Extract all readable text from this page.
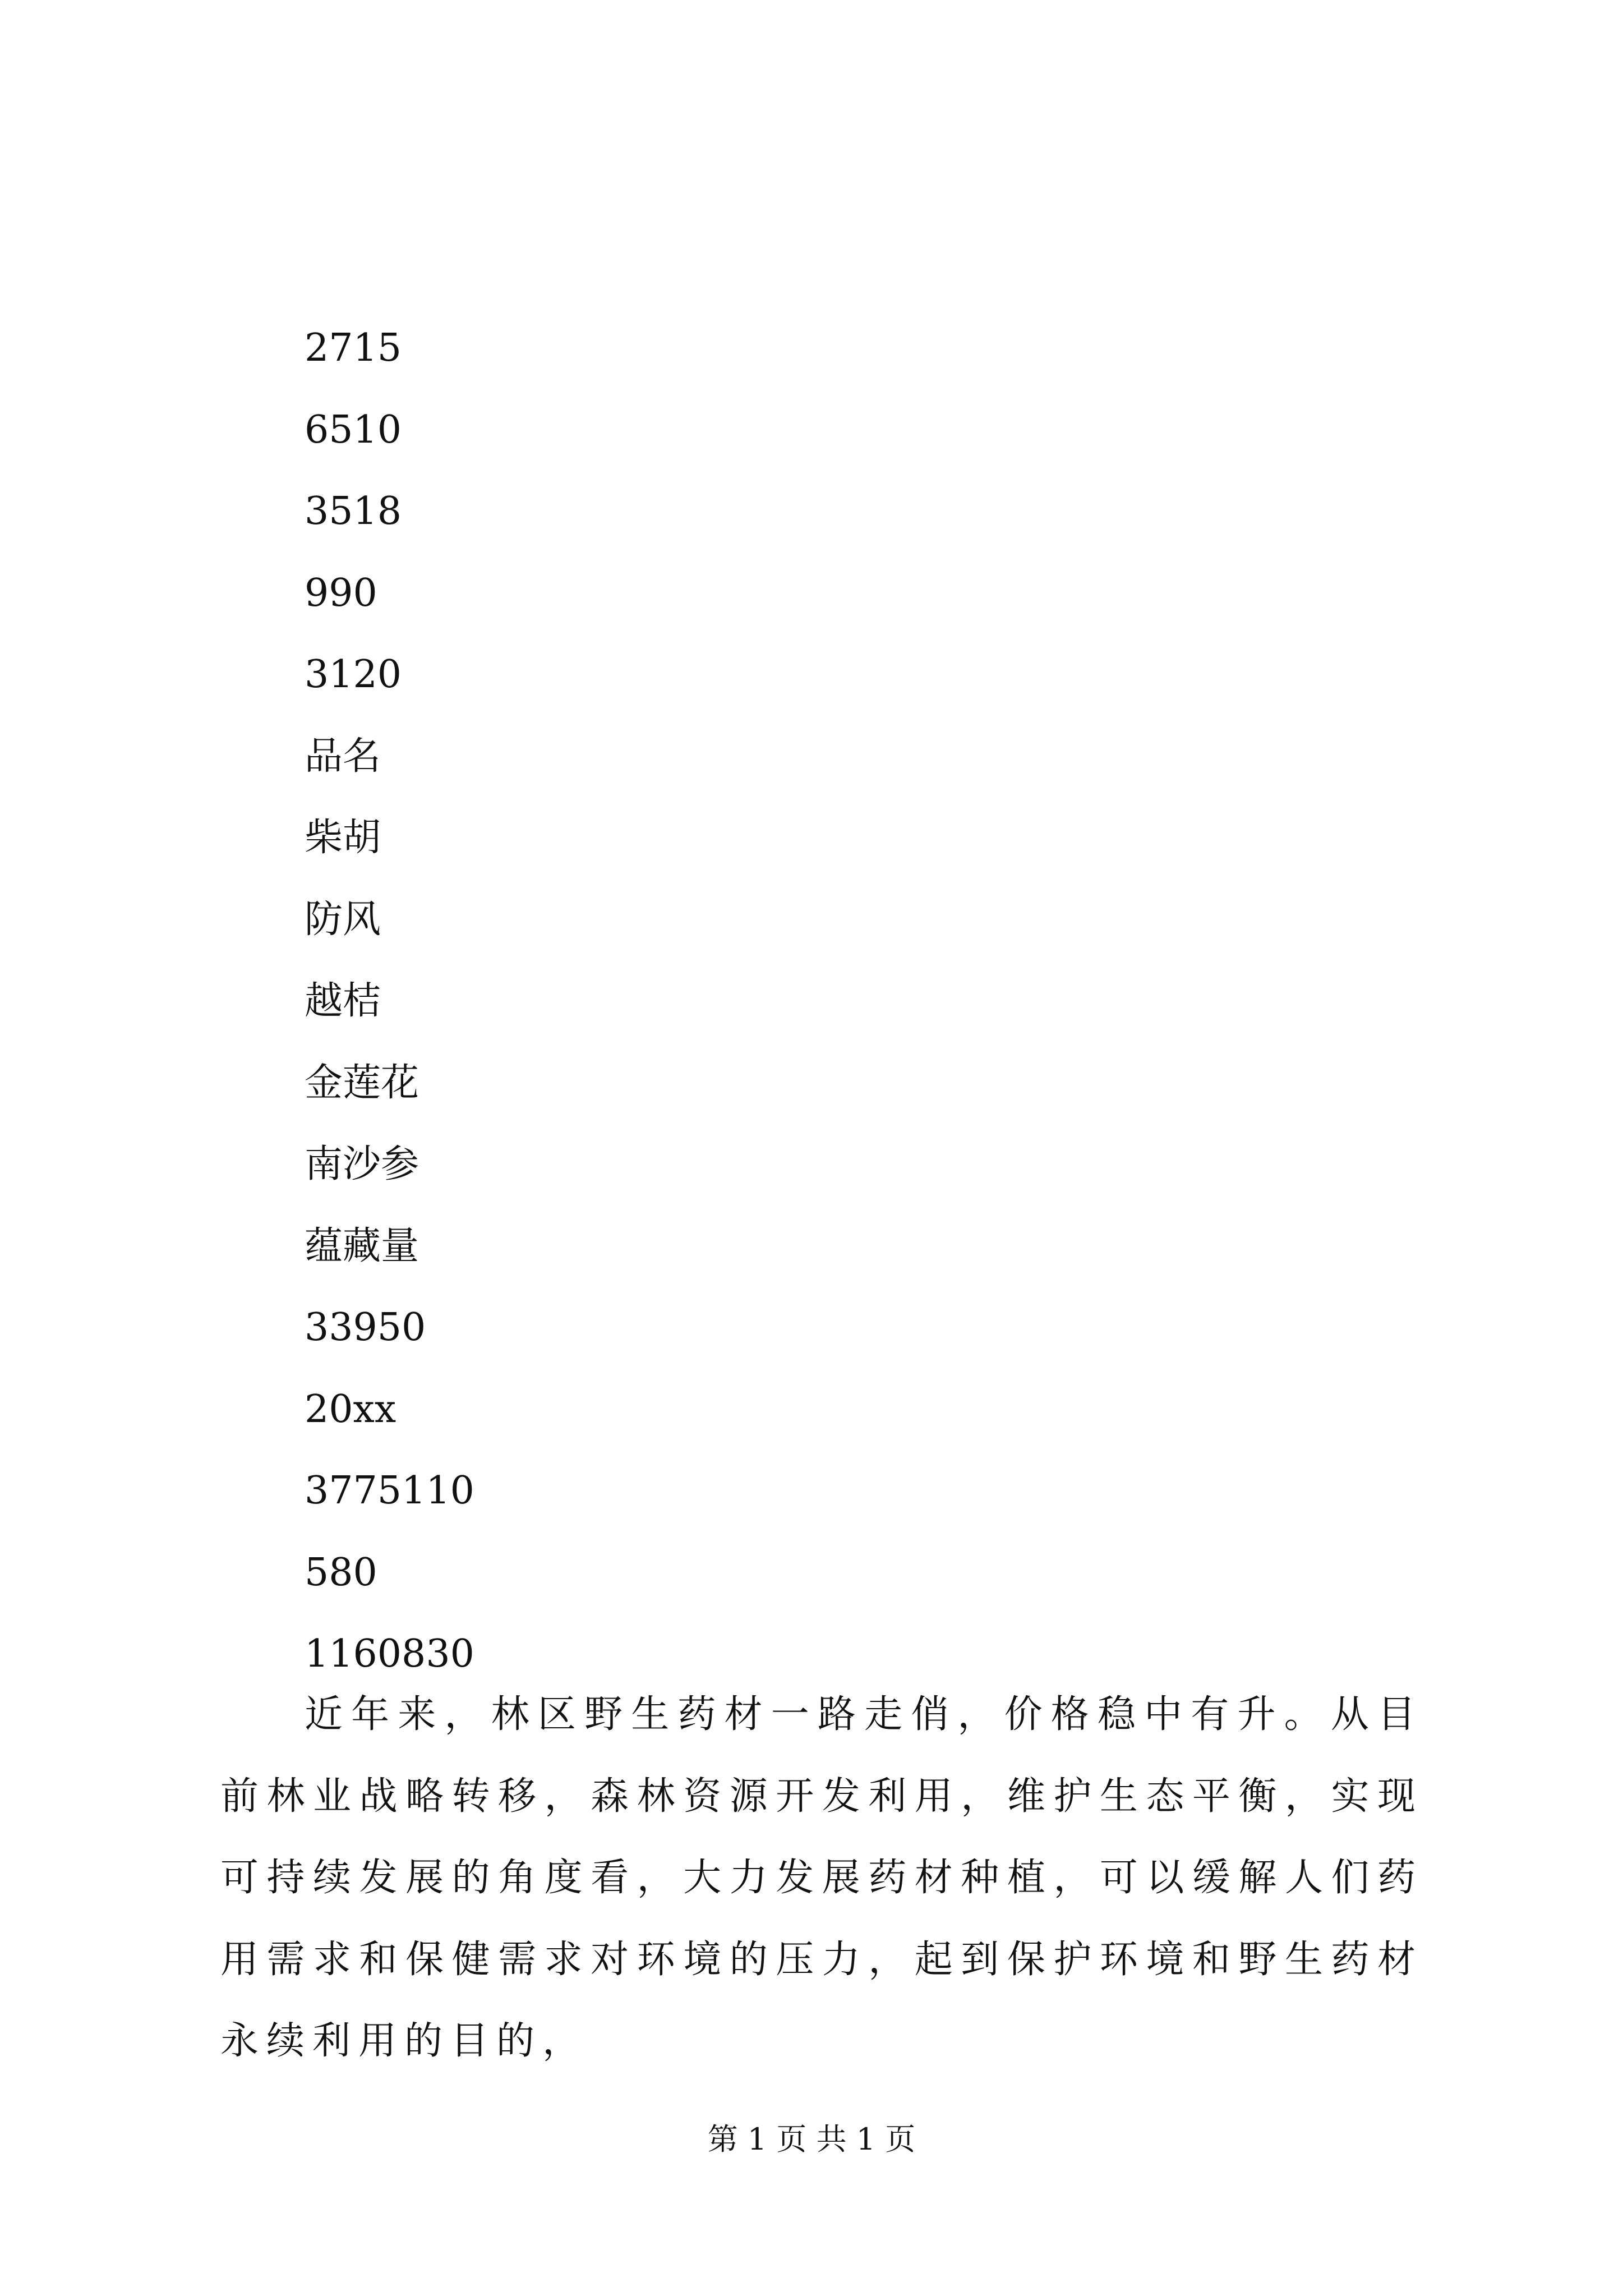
2715
6510
3518
990
3120
品名
柴胡
防风
越桔
金莲花
南沙参
蕴藏量
33950
20xx
3775110
580
1160830

近年来，林区野生药材一路走俏，价格稳中有升。从目前林业战略转移，森林资源开发利用，维护生态平衡，实现可持续发展的角度看，大力发展药材种植，可以缓解人们药用需求和保健需求对环境的压力，起到保护环境和野生药材永续利用的目的，

第 1 页 共 1 页
